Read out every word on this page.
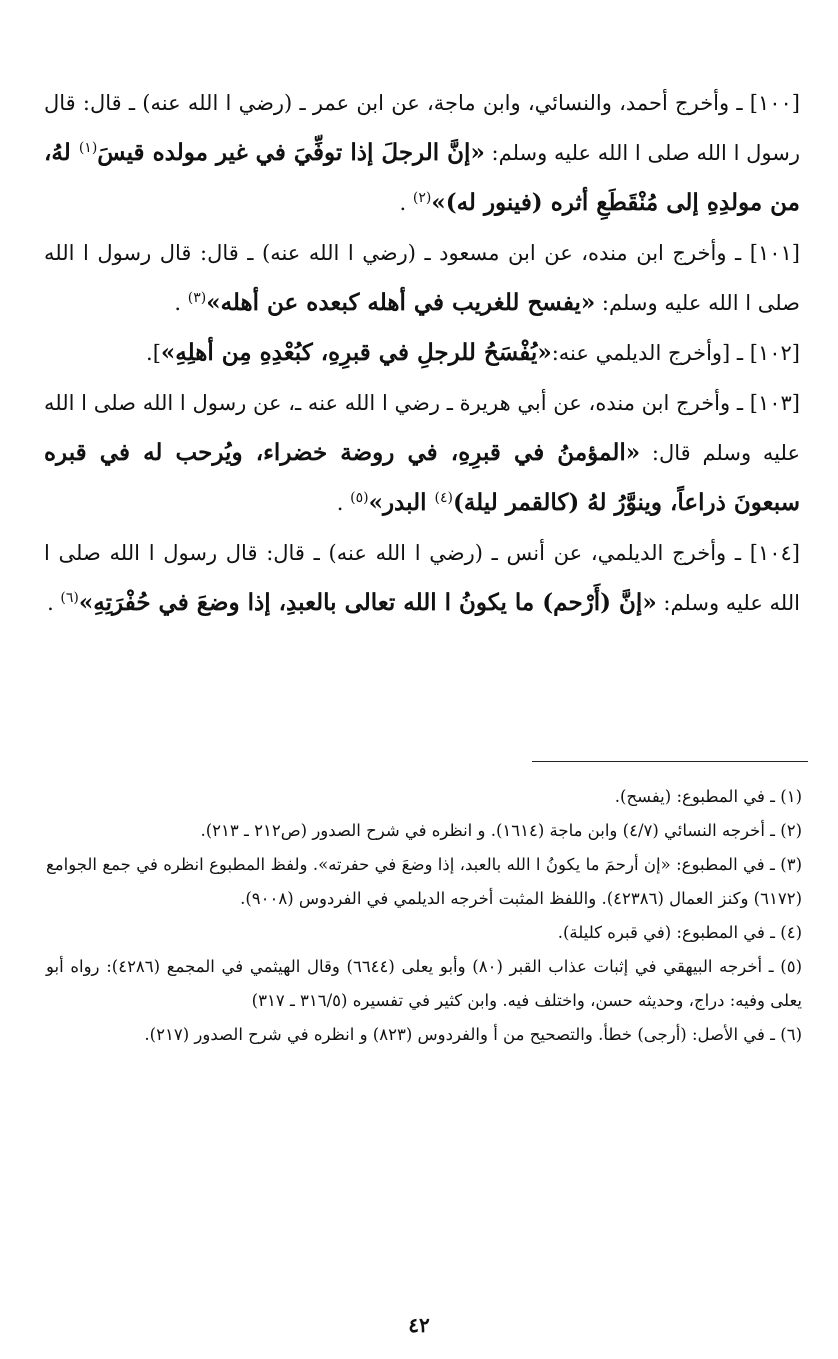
[١٠٠] ـ وأخرج أحمد، والنسائي، وابن ماجة، عن ابن عمر ـ (رضي ا الله عنه) ـ قال: قال رسول ا الله صلى ا الله عليه وسلم: «إنَّ الرجلَ إذا توفِّيَ في غير مولده قيسَ$^{(١)}$ لهُ، من مولدِهِ إلى مُنْقَطَعِ أثره (فينور له)»$^{(٢)}$ .

[١٠١] ـ وأخرج ابن منده، عن ابن مسعود ـ (رضي ا الله عنه) ـ قال: قال رسول ا الله صلى ا الله عليه وسلم: «يفسح للغريب في أهله كبعده عن أهله»$^{(٣)}$ .

[١٠٢] ـ [وأخرج الديلمي عنه:«يُفْسَحُ للرجلِ في قبرِهِ، كبُعْدِهِ مِن أهلِهِ»].

[١٠٣] ـ وأخرج ابن منده، عن أبي هريرة ـ رضي ا الله عنه ـ، عن رسول ا الله صلى ا الله عليه وسلم قال: «المؤمنُ في قبرِهِ، في روضة خضراء، ويُرحب له في قبره سبعونَ ذراعاً، وينوَّرُ لهُ (كالقمر ليلة)$^{(٤)}$ البدر»$^{(٥)}$ .

[١٠٤] ـ وأخرج الديلمي، عن أنس ـ (رضي ا الله عنه) ـ قال: قال رسول ا الله صلى ا الله عليه وسلم: «إنَّ (أَرْحم) ما يكونُ ا الله تعالى بالعبدِ، إذا وضعَ في حُفْرَتِهِ»$^{(٦)}$ .

(١) ـ في المطبوع: (يفسح).

(٢) ـ أخرجه النسائي (٤/٧) وابن ماجة (١٦١٤). و انظره في شرح الصدور (ص٢١٢ ـ ٢١٣).

(٣) ـ في المطبوع: «إن أرحمَ ما يكونُ ا الله بالعبد، إذا وضعَ في حفرته». ولفظ المطبوع انظره في جمع الجوامع (٦١٧٢) وكنز العمال (٤٢٣٨٦). واللفظ المثبت أخرجه الديلمي في الفردوس (٩٠٠٨).

(٤) ـ في المطبوع: (في قبره كليلة).

(٥) ـ أخرجه البيهقي في إثبات عذاب القبر (٨٠) وأبو يعلى (٦٦٤٤) وقال الهيثمي في المجمع (٤٢٨٦): رواه أبو يعلى وفيه: دراج، وحديثه حسن، واختلف فيه. وابن كثير في تفسيره (٣١٦/٥ ـ ٣١٧)

(٦) ـ في الأصل: (أرجى) خطأ. والتصحيح من أ والفردوس (٨٢٣) و انظره في شرح الصدور (٢١٧).

٤٢
